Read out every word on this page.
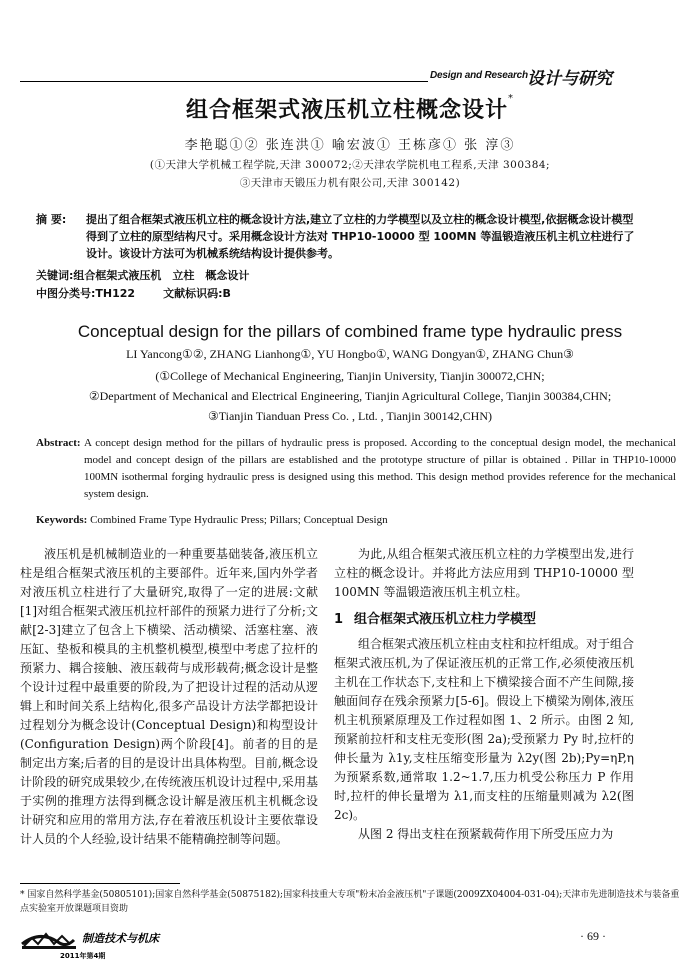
Design and Research 设计与研究
组合框架式液压机立柱概念设计*
李艳聪①② 张连洪① 喻宏波① 王栋彦① 张 淳③
(①天津大学机械工程学院,天津 300072;②天津农学院机电工程系,天津 300384;
③天津市天锻压力机有限公司,天津 300142)
摘 要:	提出了组合框架式液压机立柱的概念设计方法,建立了立柱的力学模型以及立柱的概念设计模型,依据概念设计模型得到了立柱的原型结构尺寸。采用概念设计方法对 THP10-10000 型 100MN 等温锻造液压机主机立柱进行了设计。该设计方法可为机械系统结构设计提供参考。
关键词:组合框架式液压机　立柱　概念设计
中图分类号:TH122	文献标识码:B
Conceptual design for the pillars of combined frame type hydraulic press
LI Yancong①②, ZHANG Lianhong①, YU Hongbo①, WANG Dongyan①, ZHANG Chun③
(①College of Mechanical Engineering, Tianjin University, Tianjin 300072,CHN;
②Department of Mechanical and Electrical Engineering, Tianjin Agricultural College, Tianjin 300384,CHN;
③Tianjin Tianduan Press Co. , Ltd. , Tianjin 300142,CHN)
Abstract: A concept design method for the pillars of hydraulic press is proposed. According to the conceptual design model, the mechanical model and concept design of the pillars are established and the prototype structure of pillar is obtained . Pillar in THP10-10000 100MN isothermal forging hydraulic press is designed using this method. This design method provides reference for the mechanical system design.
Keywords: Combined Frame Type Hydraulic Press; Pillars; Conceptual Design

液压机是机械制造业的一种重要基础装备,液压机立柱是组合框架式液压机的主要部件。近年来,国内外学者对液压机立柱进行了大量研究,取得了一定的进展:文献[1]对组合框架式液压机拉杆部件的预紧力进行了分析;文献[2-3]建立了包含上下横梁、活动横梁、活塞柱塞、液压缸、垫板和模具的主机整机模型,模型中考虑了拉杆的预紧力、耦合接触、液压载荷与成形载荷;概念设计是整个设计过程中最重要的阶段,为了把设计过程的活动从逻辑上和时间关系上结构化,很多产品设计方法学都把设计过程划分为概念设计(Conceptual Design)和构型设计(Configuration Design)两个阶段[4]。前者的目的是制定出方案;后者的目的是设计出具体构型。目前,概念设计阶段的研究成果较少,在传统液压机设计过程中,采用基于实例的推理方法得到概念设计解是液压机主机概念设计研究和应用的常用方法,存在着液压机设计主要依靠设计人员的个人经验,设计结果不能精确控制等问题。

为此,从组合框架式液压机立柱的力学模型出发,进行立柱的概念设计。并将此方法应用到 THP10-10000 型 100MN 等温锻造液压机主机立柱。

1 组合框架式液压机立柱力学模型

组合框架式液压机立柱由支柱和拉杆组成。对于组合框架式液压机,为了保证液压机的正常工作,必须使液压机主机在工作状态下,支柱和上下横梁接合面不产生间隙,接触面间存在残余预紧力[5-6]。假设上下横梁为刚体,液压机主机预紧原理及工作过程如图 1、2 所示。由图 2 知,预紧前拉杆和支柱无变形(图 2a);受预紧力 Py 时,拉杆的伸长量为 λ1y,支柱压缩变形量为 λ2y(图 2b);Py=ηP,η 为预紧系数,通常取 1.2~1.7,压力机受公称压力 P 作用时,拉杆的伸长量增为 λ1,而支柱的压缩量则减为 λ2(图 2c)。

从图 2 得出支柱在预紧载荷作用下所受压应力为

* 国家自然科学基金(50805101);国家自然科学基金(50875182);国家科技重大专项"粉末冶金液压机"子课题(2009ZX04004-031-04);天津市先进制造技术与装备重点实验室开放课题项目资助
制造技术与机床
2011年第4期
· 69 ·
